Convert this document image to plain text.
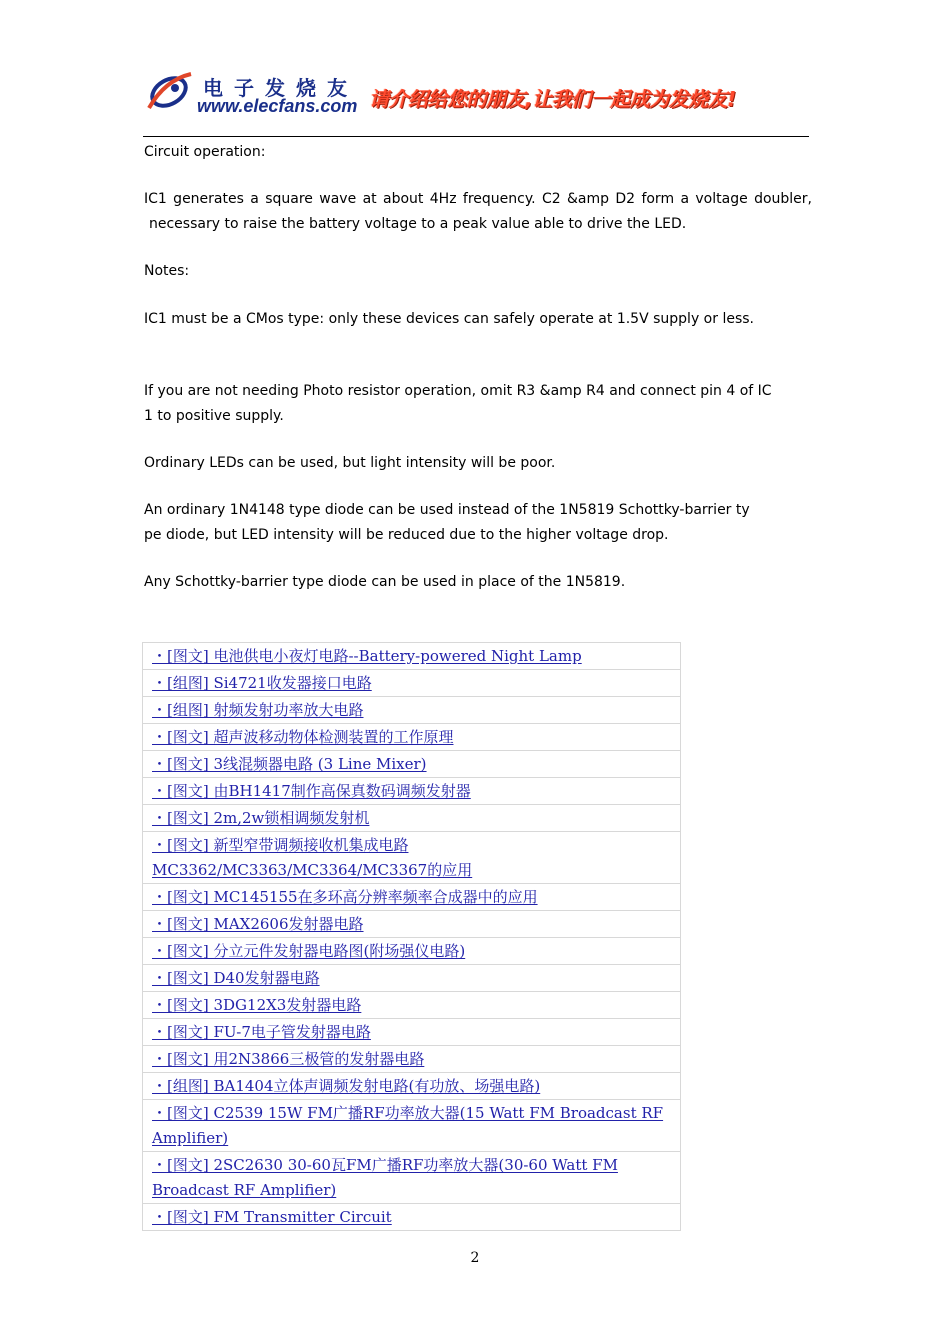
电子发烧友
www.elecfans.com 请介绍给您的朋友,让我们一起成为发烧友!
Circuit operation:
IC1 generates a square wave at about 4Hz frequency. C2 &amp D2 form a voltage doubler,
necessary to raise the battery voltage to a peak value able to drive the LED.
Notes:
IC1 must be a CMos type: only these devices can safely operate at 1.5V supply or less.
If you are not needing Photo resistor operation, omit R3 &amp R4 and connect pin 4 of IC
1 to positive supply.
Ordinary LEDs can be used, but light intensity will be poor.
An ordinary 1N4148 type diode can be used instead of the 1N5819 Schottky-barrier ty
pe diode, but LED intensity will be reduced due to the higher voltage drop.
Any Schottky-barrier type diode can be used in place of the 1N5819.
・[图文] 电池供电小夜灯电路--Battery-powered Night Lamp
・[组图] Si4721收发器接口电路
・[组图] 射频发射功率放大电路
・[图文] 超声波移动物体检测装置的工作原理
・[图文] 3线混频器电路 (3 Line Mixer)
・[图文] 由BH1417制作高保真数码调频发射器
・[图文] 2m,2w锁相调频发射机
・[图文] 新型窄带调频接收机集成电路 MC3362/MC3363/MC3364/MC3367的应用
・[图文] MC145155在多环高分辨率频率合成器中的应用
・[图文] MAX2606发射器电路
・[图文] 分立元件发射器电路图(附场强仪电路)
・[图文] D40发射器电路
・[图文] 3DG12X3发射器电路
・[图文] FU-7电子管发射器电路
・[图文] 用2N3866三极管的发射器电路
・[组图] BA1404立体声调频发射电路(有功放、场强电路)
・[图文] C2539 15W FM广播RF功率放大器(15 Watt FM Broadcast RF Amplifier)
・[图文] 2SC2630 30-60瓦FM广播RF功率放大器(30-60 Watt FM Broadcast RF Amplifier)
・[图文] FM Transmitter Circuit
2
